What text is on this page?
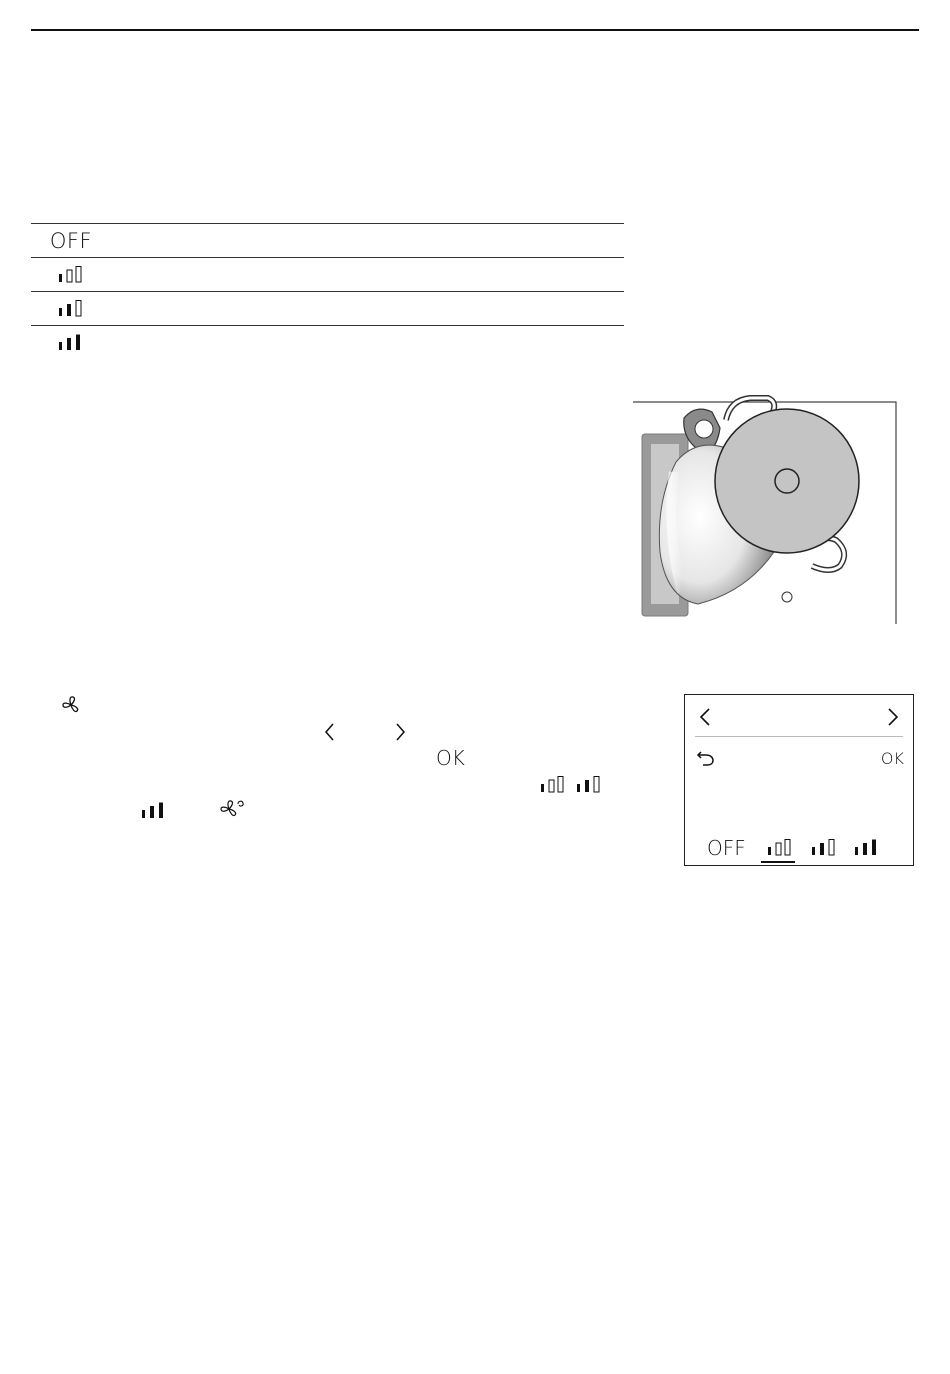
OFF
OK	OK
OFF
